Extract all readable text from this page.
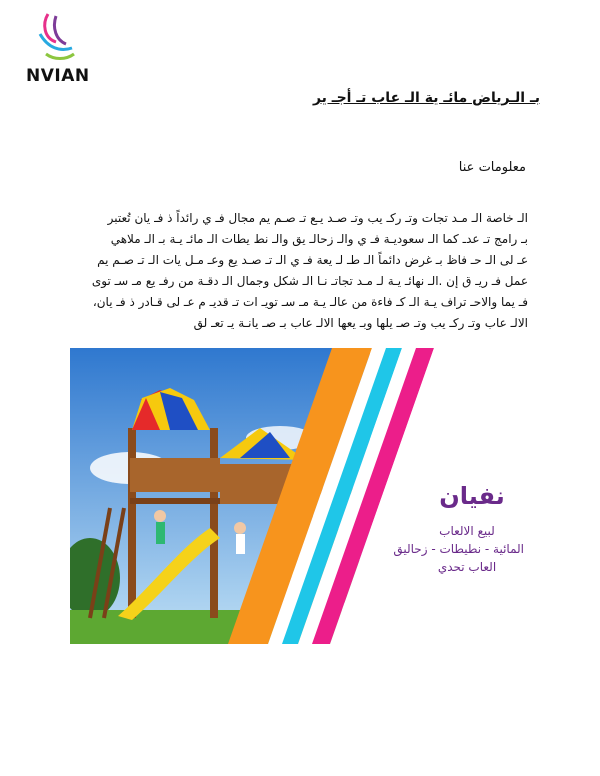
NVIAN
بـ الـرياض مائـ ية الـ عاب تـ أجـ ير
معلومات عنا
الـ خاصة الـ مـد تجات وتـ ركـ يب وتـ صـد يـع تـ صـم يم مجال فـ ي رائداً ذ فـ يان تُعتبر
بـ رامج تـ عدـ كما الـ سعوديـة فـ ي والـ زحالـ يق والـ نط يطات الـ مائـ يـة بـ الـ ملاهي
عـ لى الـ حـ فاظ بـ غرض دائماً الـ طـ لـ يعة فـ ي الـ تـ صـد يع وعـ مـل يات الـ تـ صـم يم
عمل فـ ريـ ق إن .الـ نهائـ يـة لـ مـد تجاتـ نـا الـ شكل وجمال الـ دقـة من رفـ يع مـ سـ توى
فـ يما والاحـ تراف يـة الـ كـ فاءة من عالـ يـة مـ سـ تويـ ات تـ قديـ م عـ لى قـادر ذ فـ يان،
الالـ عاب وتـ ركـ يب وتـ صـ يلها وبـ يعها الالـ عاب بـ صـ يانـة يـ تعـ لق
نفيان
لبيع الالعاب
المائية - نطيطات - زحاليق
العاب تحدي
